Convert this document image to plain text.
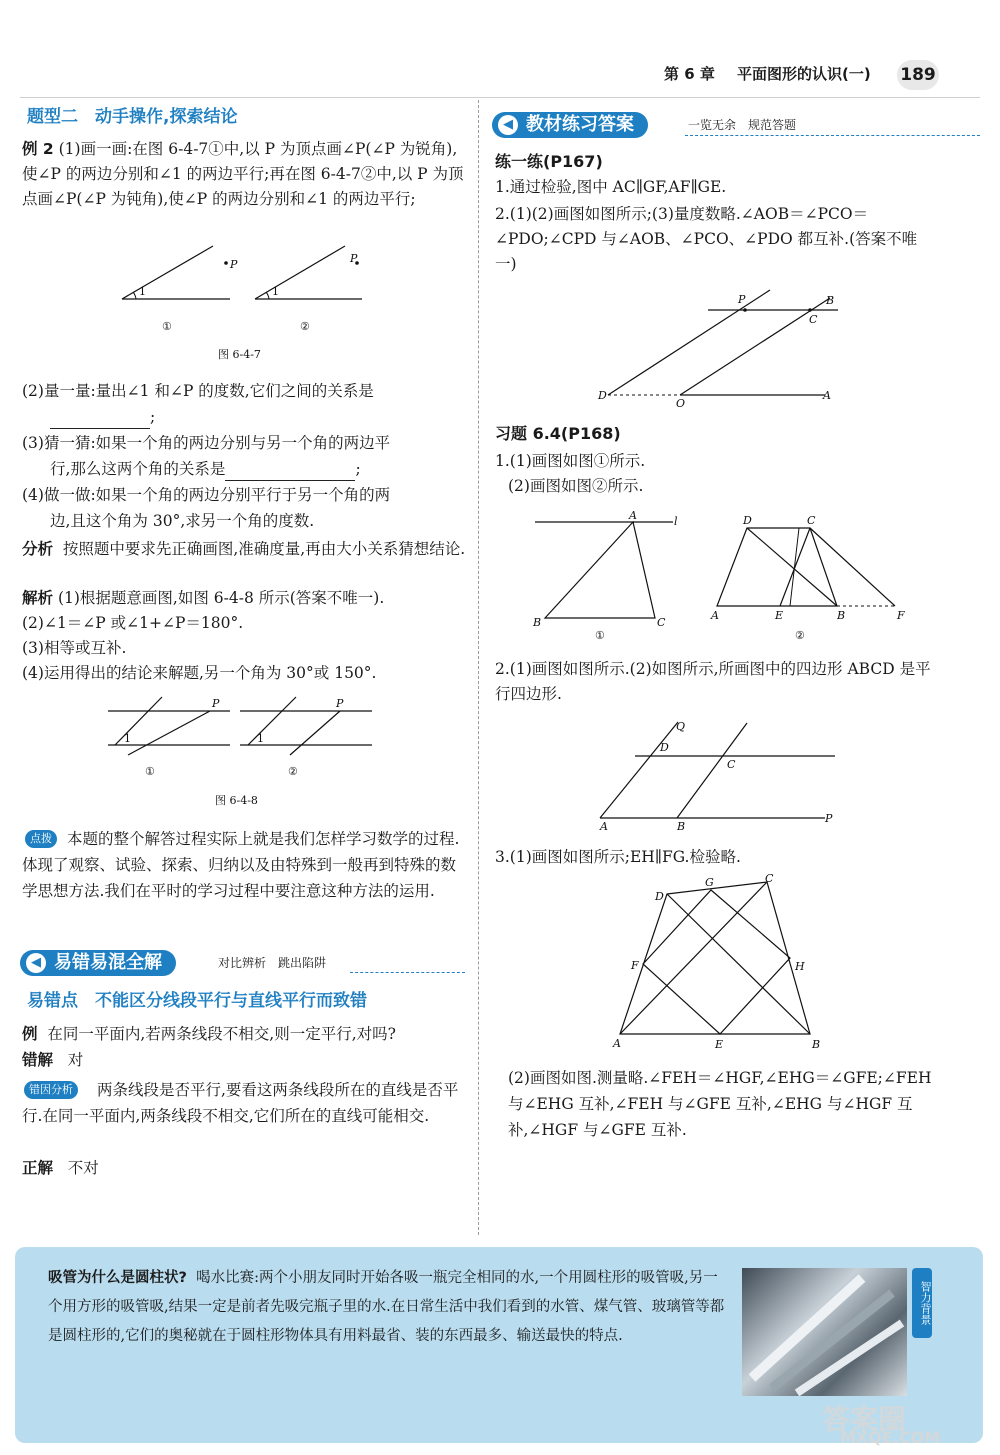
第 6 章 平面图形的认识(一) 189
题型二　动手操作,探索结论
例 2 (1)画一画:在图 6-4-7①中,以 P 为顶点画∠P(∠P 为锐角),使∠P 的两边分别和∠1 的两边平行;再在图 6-4-7②中,以 P 为顶点画∠P(∠P 为钝角),使∠P 的两边分别和∠1 的两边平行;
1
P
①
1
P
②
图 6-4-7
(2)量一量:量出∠1 和∠P 的度数,它们之间的关系是
;
(3)猜一猜:如果一个角的两边分别与另一个角的两边平
行,那么这两个角的关系是	;
(4)做一做:如果一个角的两边分别平行于另一个角的两
边,且这个角为 30°,求另一个角的度数.
分析 按照题中要求先正确画图,准确度量,再由大小关系猜想结论.
解析 (1)根据题意画图,如图 6-4-8 所示(答案不唯一).
(2)∠1＝∠P 或∠1+∠P＝180°.
(3)相等或互补.
(4)运用得出的结论来解题,另一个角为 30°或 150°.
1
P
①
1
P
②
图 6-4-8
点拨 本题的整个解答过程实际上就是我们怎样学习数学的过程.体现了观察、试验、探索、归纳以及由特殊到一般再到特殊的数学思想方法.我们在平时的学习过程中要注意这种方法的运用.
◀ 易错易混全解	对比辨析　跳出陷阱
易错点　不能区分线段平行与直线平行而致错
例 在同一平面内,若两条线段不相交,则一定平行,对吗?
错解 对
错因分析	两条线段是否平行,要看这两条线段所在的直线是否平行.在同一平面内,两条线段不相交,它们所在的直线可能相交.
正解 不对
◀ 教材练习答案	一览无余　规范答题
练一练(P167)
1.通过检验,图中 AC∥GF,AF∥GE.
2.(1)(2)画图如图所示;(3)量度数略.∠AOB＝∠PCO＝∠PDO;∠CPD 与∠AOB、∠PCO、∠PDO 都互补.(答案不唯一)
P	B
C
D
O
A
习题 6.4(P168)
1.(1)画图如图①所示.
(2)画图如图②所示.
A	l
B	C
①
D	C
A	E	B	F
②
2.(1)画图如图所示.(2)如图所示,所画图中的四边形 ABCD 是平行四边形.
Q
D
C
A	B
P
3.(1)画图如图所示;EH∥FG.检验略.
D
G	C
F	H
A	E	B
(2)画图如图.测量略.∠FEH＝∠HGF,∠EHG＝∠GFE;∠FEH 与∠EHG 互补,∠FEH 与∠GFE 互补,∠EHG 与∠HGF 互补,∠HGF 与∠GFE 互补.
吸管为什么是圆柱状? 喝水比赛:两个小朋友同时开始各吸一瓶完全相同的水,一个用圆柱形的吸管吸,另一个用方形的吸管吸,结果一定是前者先吸完瓶子里的水.在日常生活中我们看到的水管、煤气管、玻璃管等都是圆柱形的,它们的奥秘就在于圆柱形物体具有用料最省、装的东西最多、输送最快的特点.
智力背景
答案圈
MXQE.COM
